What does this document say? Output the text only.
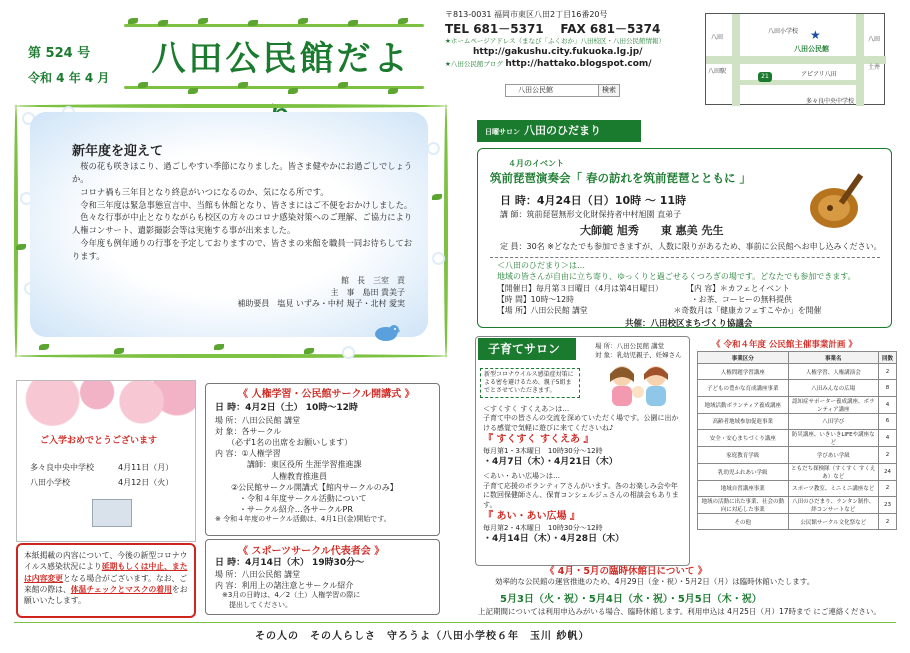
第 524 号
令和 4 年 4 月	八田公民館だよ
〒813-0031 福岡市東区八田2丁目16番20号
TEL 681－5371 FAX 681－5374
★ホームページアドレス（まなび「ふくおか」八田校区・八田公民館情報）
http://gakushu.city.fukuoka.lg.jp/
★八田公民館ブログ http://hattako.blogspot.com/
八田公民館	検索
八田小学校
八田
八田公民館
★
アピアリ八田
多々良中央中学校
土井
八田
21
八田駅
新年度を迎えて

桜の花も咲きほこり、過ごしやすい季節になりました。皆さま健やかにお過ごしでしょうか。

コロナ禍も三年目となり終息がいつになるのか、気になる所です。

令和三年度は緊急事態宣言中、当館も休館となり、皆さまにはご不便をおかけしました。

色々な行事が中止となりながらも校区の方々のコロナ感染対策へのご理解、ご協力により人権コンサート、遺影撮影会等は実施する事が出来ました。

今年度も例年通りの行事を予定しておりますので、皆さまの来館を職員一同お待ちしております。

館　長　三室　貢
主　事　島田 貴美子
補助要員　塩見 いずみ・中村 規子・北村 愛実
日曜サロン 八田のひだまり
４月のイベント
筑前琵琶演奏会「 春の訪れを筑前琵琶とともに 」
日 時：4月24日（日）10時 ～ 11時
講 師：筑前琵琶無形文化財保持者中村旭園 直弟子
大師範 旭秀　　東 惠美 先生
定 員：30名 ※どなたでも参加できますが、人数に限りがあるため、事前に公民館へお申し込みください。
＜八田のひだまり＞は…
地域の皆さんが自由に立ち寄り、ゆっくりと過ごせるくつろぎの場です。どなたでも参加できます。
【開催日】毎月第３日曜日（4月は第4日曜日）　　　　【内 容】＊カフェとイベント
【時 間】10時～12時　　　　　　　　　　　　　　　・お茶、コーヒーの無料提供
【場 所】八田公民館 講堂　　　　　　　　　　　＊奇数月は「健康カフェすこやか」を開催
共催：八田校区まちづくり協議会
ご入学おめでとうございます
多々良中央中学校	4月11日（月）
八田小学校	4月12日（火）
本紙掲載の内容について、今後の新型コロナウイルス感染状況により延期もしくは中止、または内容変更となる場合がございます。なお、ご来館の際は、体温チェックとマスクの着用をお願いいたします。
《 人権学習・公民館サークル開講式 》
日 時：4月2日（土） 10時～12時
場 所：八田公民館 講堂
対 象：各サークル
　　（必ず1名の出席をお願いします）
内 容：①人権学習
　　　　講師：東区役所 生涯学習推進課
　　　　　　　人権教育推進員
　　②公民館サークル開講式【館内サークルのみ】
　　　・令和４年度サークル活動について
　　　・サークル紹介…各サークルPR
※ 令和４年度のサークル活動は、4月1日(金)開始です。
《 スポーツサークル代表者会 》
日 時：4月14日（木） 19時30分～
場 所：八田公民館 講堂
内 容：利用上の諸注意とサークル紹介
　※3月の日時は、4／2（土）人権学習の際に
　　提出してください。
子育てサロン	場 所：八田公民館 講堂
対 象：乳幼児親子、妊婦さん
新型コロナウイルス感染症対策による密を避けるため、親子5組までとさせていただきます。
＜すくすく すくえあ＞は…
子育て中の皆さんの交流を深めていただく場です。公園に出かける感覚で気軽に遊びに来てくださいね♪
『 すくすく すくえあ 』
毎月第1・3木曜日　10時30分～12時
・4月7日（木）・4月21日（木）
＜あい・あい広場＞は…
子育て応援のボランティアさんがいます。各のお楽しみ会や年に数回保健師さん、保育コンシェルジュさんの相談会もあります。
『 あい・あい広場 』
毎月第2・4木曜日　10時30分～12時
・4月14日（木）・4月28日（木）
《 令和４年度 公民館主催事業計画 》
事業区分	事業名	回数
人権問題学習講座	人権学習、人権講演会	2
子どもの豊かな育成講座事業	八田みんなの広場	8
地域活動ボランティア養成講座	認知症サポーター養成講座、ボランティア講座	4
高齢者地域参加促進事業	八田学び	6
安全・安心まちづくり講座	防災講座、いきいきLIFEや講座など	4
家庭教育学級	学びあい学級	2
乳幼児ふれあい学級	ともだち探検隊（すくすく すくえあ）など	24
地域自習講座事業	スポーツ教室、ミニミニ講座など	2
地域の活動に出た事業、社会の動向に対応した事業	八田のひだまり、ランタン制作、絆コンサートなど	23
その他	公民館サークル文化祭など	2
《 4月・5月の臨時休館日について 》
効率的な公民館の運営推進のため、4月29日（金・祝）・5月2日（月）は臨時休館いたします。
5月3日（火・祝）・5月4日（水・祝）・5月5日（木・祝）
上記期間については利用申込みがいる場合、臨時休館します。利用申込は 4月25日（月）17時まで にご連絡ください。
その人の　その人らしさ　守ろうよ（八田小学校６年　玉川 紗帆）
